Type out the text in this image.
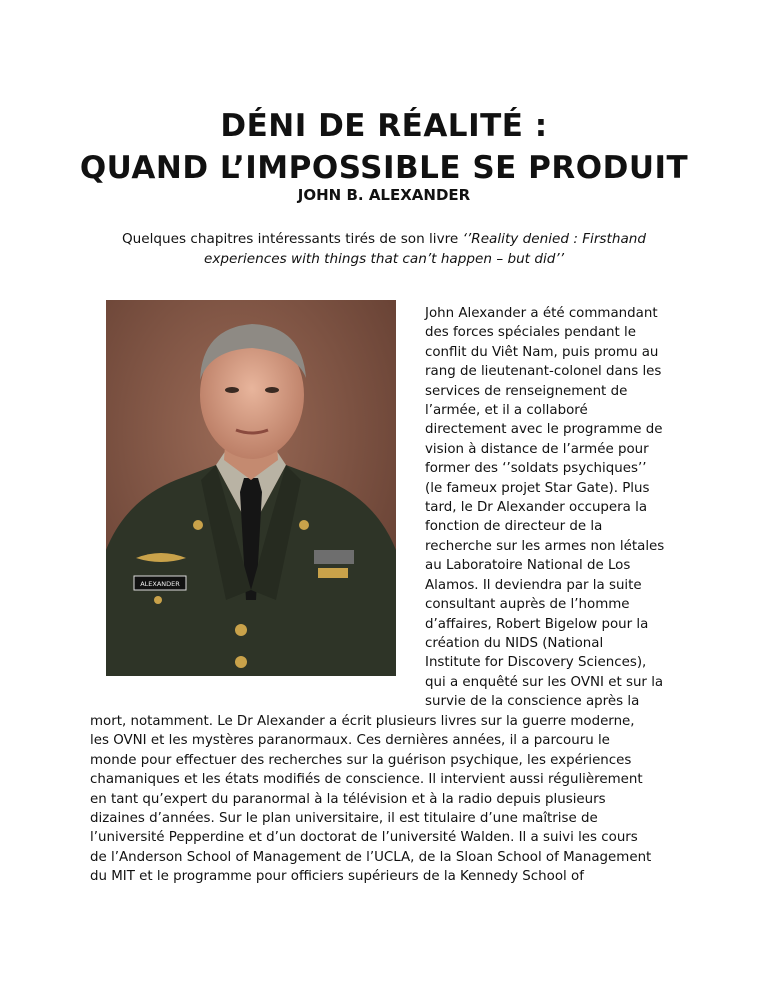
DÉNI DE RÉALITÉ :
QUAND L’IMPOSSIBLE SE PRODUIT
JOHN B. ALEXANDER
Quelques chapitres intéressants tirés de son livre ‘’Reality denied : Firsthand
experiences with things that can’t happen – but did’’
ALEXANDER
John Alexander a été commandant
des forces spéciales pendant le
conflit du Viêt Nam, puis promu au
rang de lieutenant-colonel dans les
services de renseignement de
l’armée, et il a collaboré
directement avec le programme de
vision à distance de l’armée pour
former des ‘’soldats psychiques’’
(le fameux projet Star Gate). Plus
tard, le Dr Alexander occupera la
fonction de directeur de la
recherche sur les armes non létales
au Laboratoire National de Los
Alamos. Il deviendra par la suite
consultant auprès de l’homme
d’affaires, Robert Bigelow pour la
création du NIDS (National
Institute for Discovery Sciences),
qui a enquêté sur les OVNI et sur la
survie de la conscience après la
mort, notamment. Le Dr Alexander a écrit plusieurs livres sur la guerre moderne,
les OVNI et les mystères paranormaux. Ces dernières années, il a parcouru le
monde pour effectuer des recherches sur la guérison psychique, les expériences
chamaniques et les états modifiés de conscience. Il intervient aussi régulièrement
en tant qu’expert du paranormal à la télévision et à la radio depuis plusieurs
dizaines d’années. Sur le plan universitaire, il est titulaire d’une maîtrise de
l’université Pepperdine et d’un doctorat de l’université Walden. Il a suivi les cours
de l’Anderson School of Management de l’UCLA, de la Sloan School of Management
du MIT et le programme pour officiers supérieurs de la Kennedy School of
